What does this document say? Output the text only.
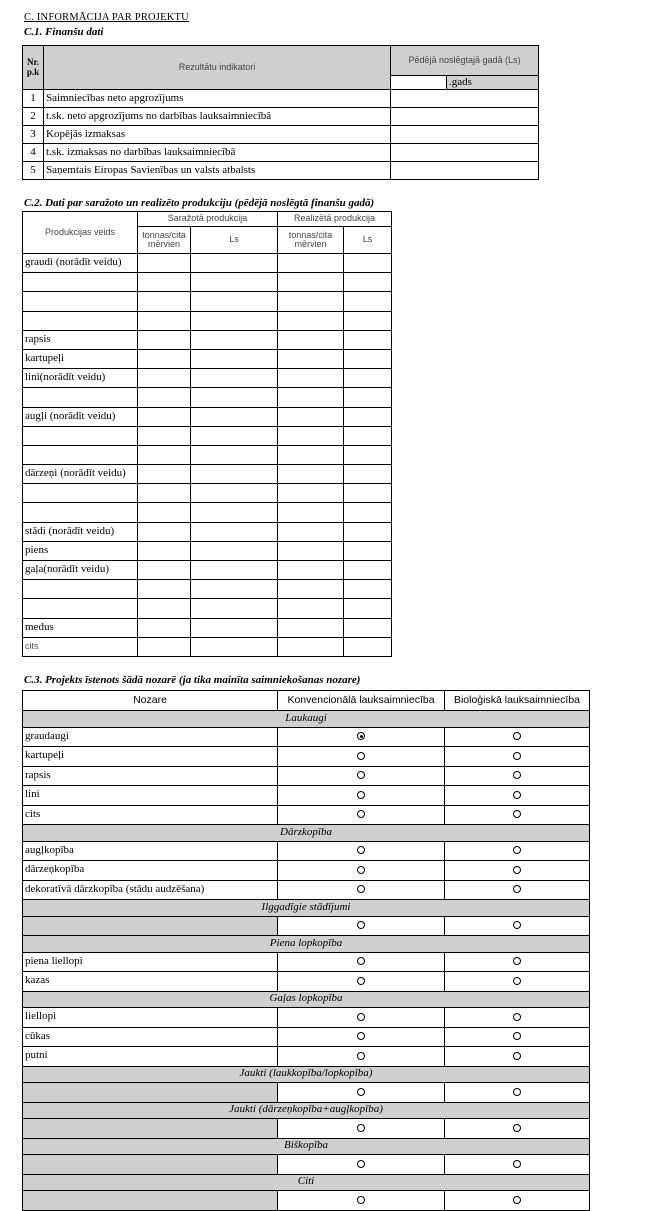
C. INFORMĀCIJA PAR PROJEKTU
C.1. Finanšu dati
Nr. p.k	Rezultātu indikatori	Pēdējā noslēgtajā gadā (Ls)	
			.gads
1	Saimniecības neto apgrozījums		
2	t.sk. neto apgrozījums no darbības lauksaimniecībā		
3	Kopējās izmaksas		
4	t.sk. izmaksas no darbības lauksaimniecībā		
5	Saņemtais Eiropas Savienības un valsts atbalsts		
C.2. Dati par saražoto un realizēto produkciju (pēdējā noslēgtā finanšu gadā)
Produkcijas veids	Saražotā produkcija		Realizētā produkcija	
	tonnas/cita mērvien	Ls	tonnas/cita mērvien	Ls
graudi (norādīt veidu)				

rapsis				
kartupeļi				
lini(norādīt veidu)				

augļi (norādīt veidu)				

dārzeņi (norādīt veidu)				

stādi (norādīt veidu)				
piens				
gaļa(norādīt veidu)				

medus				
cits				
C.3. Projekts īstenots šādā nozarē (ja tika mainīta saimniekošanas nozare)
Nozare	Konvencionālā lauksaimniecība	Bioloģiskā lauksaimniecība
Laukaugi		
graudaugi		
kartupeļi		
rapsis		
lini		
cits		
Dārzkopība		
augļkopība		
dārzeņkopība		
dekoratīvā dārzkopība (stādu audzēšana)		
Ilggadīgie stādījumi		

Piena lopkopība		
piena liellopi		
kazas		
Gaļas lopkopība		
liellopi		
cūkas		
putni		
Jaukti (laukkopība/lopkopība)		

Jaukti (dārzeņkopība+augļkopība)		

Biškopība		

Citi		
